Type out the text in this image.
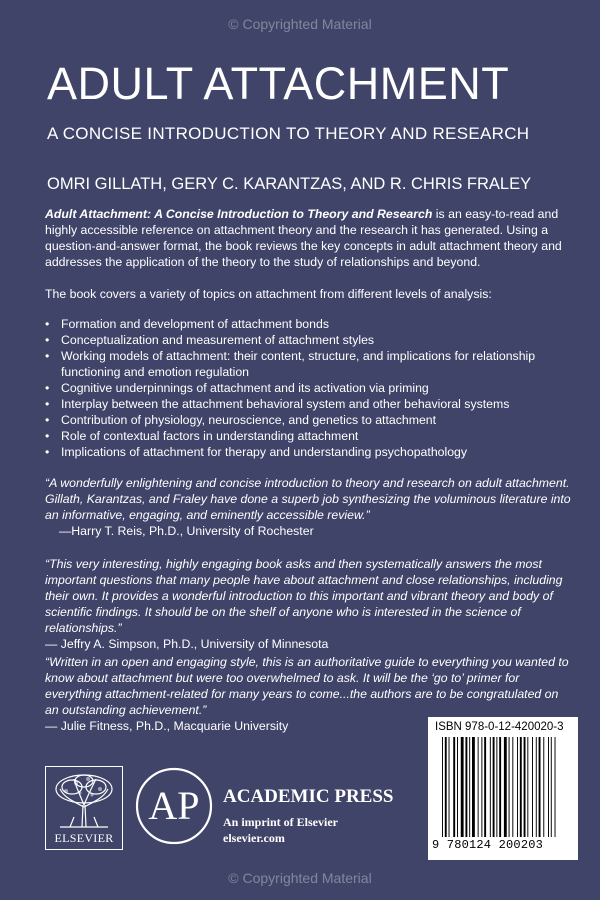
© Copyrighted Material
ADULT ATTACHMENT
A CONCISE INTRODUCTION TO THEORY AND RESEARCH
OMRI GILLATH, GERY C. KARANTZAS, AND R. CHRIS FRALEY
Adult Attachment: A Concise Introduction to Theory and Research is an easy-to-read and highly accessible reference on attachment theory and the research it has generated. Using a question-and-answer format, the book reviews the key concepts in adult attachment theory and addresses the application of the theory to the study of relationships and beyond.
The book covers a variety of topics on attachment from different levels of analysis:
• Formation and development of attachment bonds
• Conceptualization and measurement of attachment styles
• Working models of attachment: their content, structure, and implications for relationship functioning and emotion regulation
• Cognitive underpinnings of attachment and its activation via priming
• Interplay between the attachment behavioral system and other behavioral systems
• Contribution of physiology, neuroscience, and genetics to attachment
• Role of contextual factors in understanding attachment
• Implications of attachment for therapy and understanding psychopathology
“A wonderfully enlightening and concise introduction to theory and research on adult attachment. Gillath, Karantzas, and Fraley have done a superb job synthesizing the voluminous literature into an informative, engaging, and eminently accessible review.”
—Harry T. Reis, Ph.D., University of Rochester
“This very interesting, highly engaging book asks and then systematically answers the most important questions that many people have about attachment and close relationships, including their own. It provides a wonderful introduction to this important and vibrant theory and body of scientific findings. It should be on the shelf of anyone who is interested in the science of relationships.”
— Jeffry A. Simpson, Ph.D., University of Minnesota
“Written in an open and engaging style, this is an authoritative guide to everything you wanted to know about attachment but were too overwhelmed to ask. It will be the ‘go to’ primer for everything attachment-related for many years to come...the authors are to be congratulated on an outstanding achievement.”
— Julie Fitness, Ph.D., Macquarie University
ELSEVIER
AP ACADEMIC PRESS
An imprint of Elsevier
elsevier.com
ISBN 978-0-12-420020-3
9 780124 200203
© Copyrighted Material
